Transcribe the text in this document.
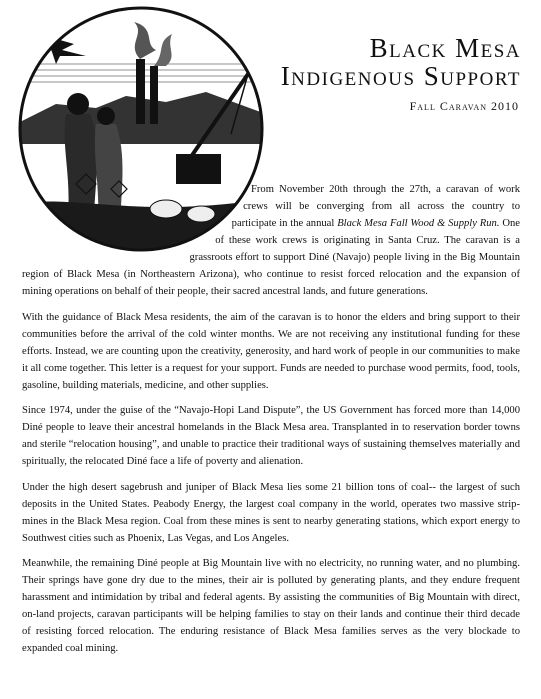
Black Mesa
Indigenous Support
Fall Caravan 2010

From November 20th through the 27th, a caravan of work crews will be converging from all across the country to participate in the annual Black Mesa Fall Wood & Supply Run. One of these work crews is originating in Santa Cruz. The caravan is a grassroots effort to support Diné (Navajo) people living in the Big Mountain region of Black Mesa (in Northeastern Arizona), who continue to resist forced relocation and the expansion of mining operations on behalf of their people, their sacred ancestral lands, and future generations.

With the guidance of Black Mesa residents, the aim of the caravan is to honor the elders and bring support to their communities before the arrival of the cold winter months. We are not receiving any institutional funding for these efforts. Instead, we are counting upon the creativity, generosity, and hard work of people in our communities to make it all come together. This letter is a request for your support. Funds are needed to purchase wood permits, food, tools, gasoline, building materials, medicine, and other supplies.

Since 1974, under the guise of the “Navajo-Hopi Land Dispute”, the US Government has forced more than 14,000 Diné people to leave their ancestral homelands in the Black Mesa area. Transplanted in to reservation border towns and sterile “relocation housing”, and unable to practice their traditional ways of sustaining themselves materially and spiritually, the relocated Diné face a life of poverty and alienation.

Under the high desert sagebrush and juniper of Black Mesa lies some 21 billion tons of coal-- the largest of such deposits in the United States. Peabody Energy, the largest coal company in the world, operates two massive strip-mines in the Black Mesa region. Coal from these mines is sent to nearby generating stations, which export energy to Southwest cities such as Phoenix, Las Vegas, and Los Angeles.

Meanwhile, the remaining Diné people at Big Mountain live with no electricity, no running water, and no plumbing. Their springs have gone dry due to the mines, their air is polluted by generating plants, and they endure frequent harassment and intimidation by tribal and federal agents. By assisting the communities of Big Mountain with direct, on-land projects, caravan participants will be helping families to stay on their lands and continue their third decade of resisting forced relocation. The enduring resistance of Black Mesa families serves as the very blockade to expanded coal mining.
